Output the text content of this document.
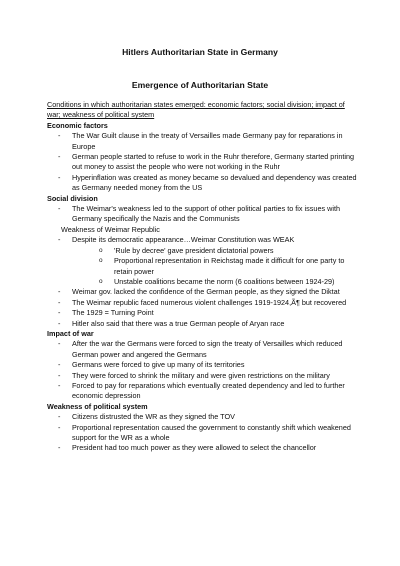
Hitlers Authoritarian State in Germany
Emergence of Authoritarian State
Conditions in which authoritarian states emerged: economic factors; social division; impact of war; weakness of political system
Economic factors
- The War Guilt clause in the treaty of Versailles made Germany pay for reparations in Europe
- German people started to refuse to work in the Ruhr therefore, Germany started printing out money to assist the people who were not working in the Ruhr
- Hyperinflation was created as money became so devalued and dependency was created as Germany needed money from the US
Social division
- The Weimar's weakness led to the support of other political parties to fix issues with Germany specifically the Nazis and the Communists
Weakness of Weimar Republic
- Despite its democratic appearance…Weimar Constitution was WEAK
o 'Rule by decree' gave president dictatorial powers
o Proportional representation in Reichstag made it difficult for one party to retain power
o Unstable coalitions became the norm (6 coalitions between 1924-29)
- Weimar gov. lacked the confidence of the German people, as they signed the Diktat
- The Weimar republic faced numerous violent challenges 1919-1924,Ã¶ but recovered
- The 1929 = Turning Point
- Hitler also said that there was a true German people of Aryan race
Impact of war
- After the war the Germans were forced to sign the treaty of Versailles which reduced German power and angered the Germans
- Germans were forced to give up many of its territories
- They were forced to shrink the military and were given restrictions on the military
- Forced to pay for reparations which eventually created dependency and led to further economic depression
Weakness of political system
- Citizens distrusted the WR as they signed the TOV
- Proportional representation caused the government to constantly shift which weakened support for the WR as a whole
- President had too much power as they were allowed to select the chancellor
